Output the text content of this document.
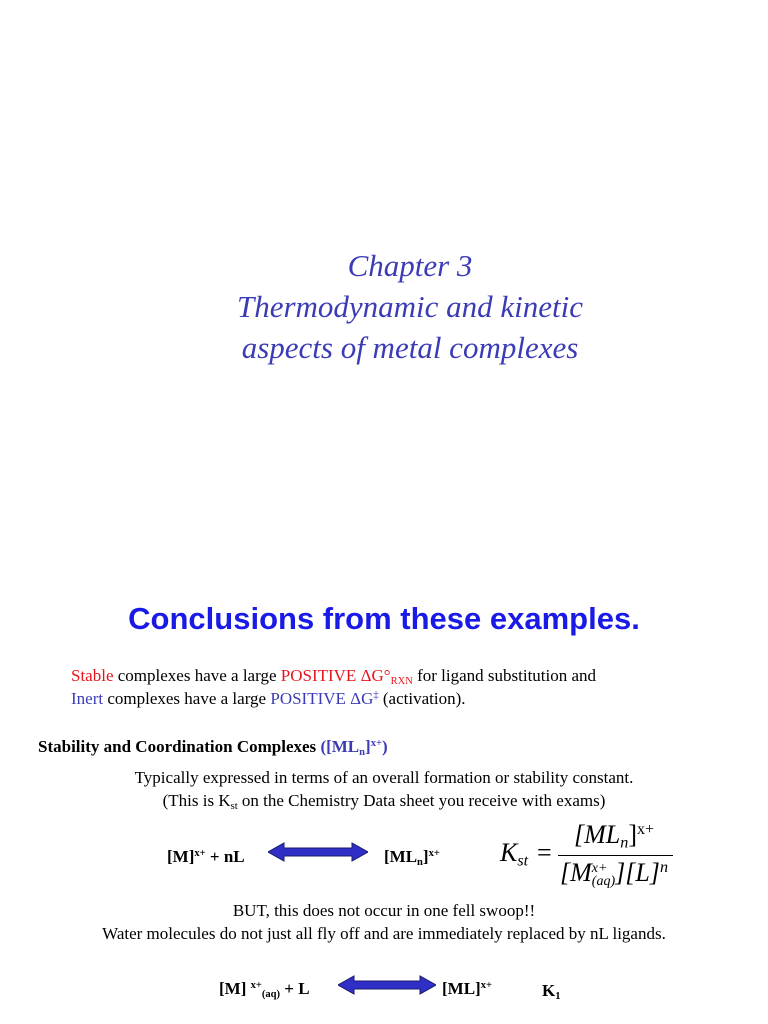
Chapter 3
Thermodynamic and kinetic
aspects of metal complexes
Conclusions from these examples.
Stable complexes have a large POSITIVE $\Delta G^\circ_{RXN}$ for ligand substitution and
Inert complexes have a large POSITIVE ΔG‡ (activation).
Stability and Coordination Complexes $([ML_n]^{x+})$
Typically expressed in terms of an overall formation or stability constant.
(This is $K_{st}$ on the Chemistry Data sheet you receive with exams)
$[M]^{x+}$ + nL	$[ML_n]^{x+}$ $K_{st}$ =
$[ML_n]^{x+}$
[M x+
(aq) ]$[L]^n$
BUT, this does not occur in one fell swoop!!
Water molecules do not just all fly off and are immediately replaced by nL ligands.
[M] $^{x+}_{(aq)}$ + L	[ML]$^{x+}$	$K_1$
